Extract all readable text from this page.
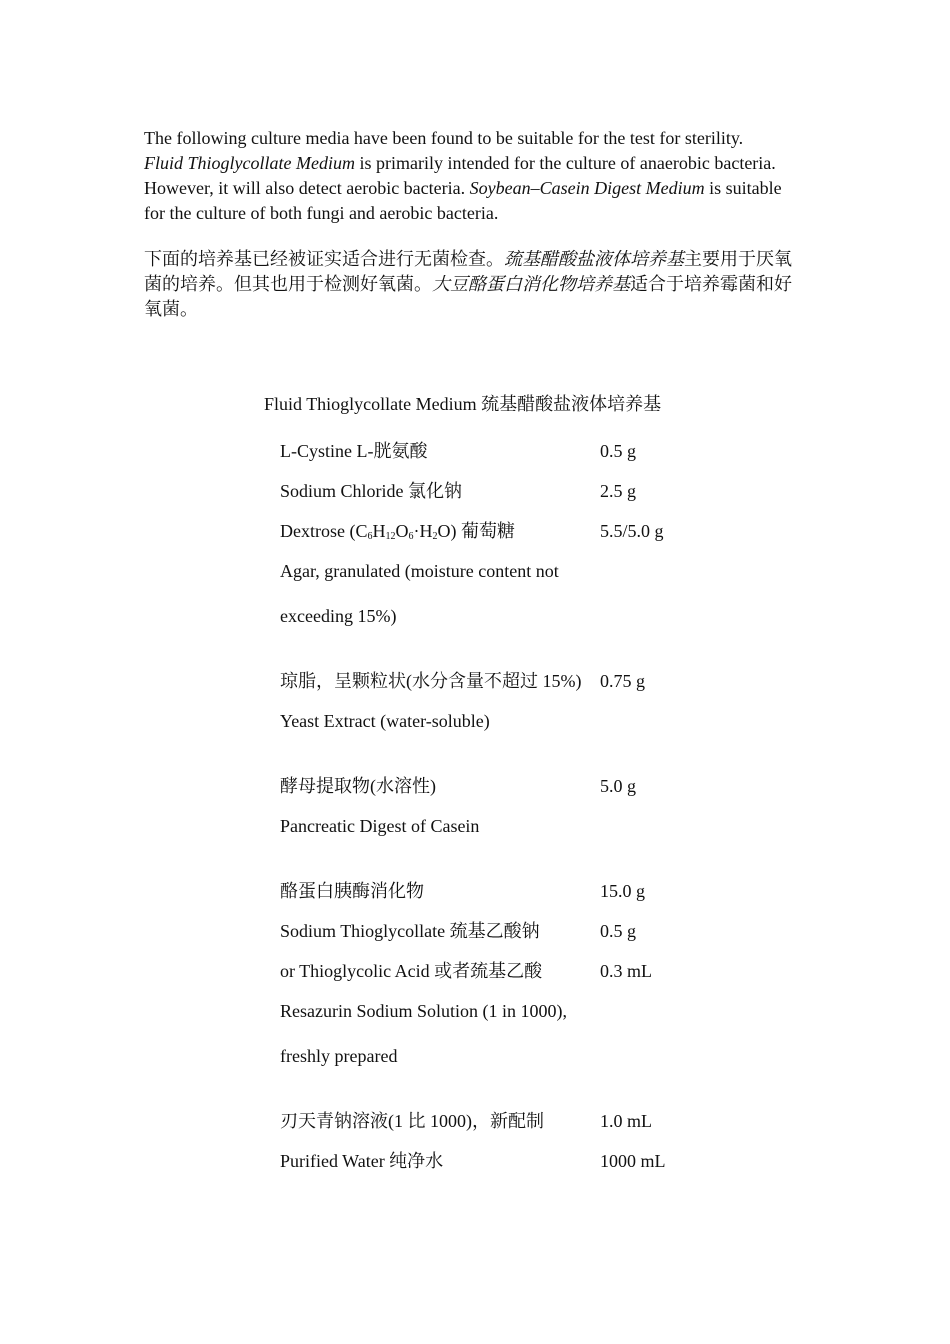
The following culture media have been found to be suitable for the test for sterility.
Fluid Thioglycollate Medium is primarily intended for the culture of anaerobic bacteria. However, it will also detect aerobic bacteria. Soybean–Casein Digest Medium is suitable for the culture of both fungi and aerobic bacteria.
下面的培养基已经被证实适合进行无菌检查。巯基醋酸盐液体培养基主要用于厌氧菌的培养。但其也用于检测好氧菌。大豆酪蛋白消化物培养基适合于培养霉菌和好氧菌。
Fluid Thioglycollate Medium 巯基醋酸盐液体培养基
L-Cystine L-胱氨酸	0.5 g
Sodium Chloride 氯化钠	2.5 g
Dextrose $(C_6H_{12}O_6\cdot H_2O)$ 葡萄糖	5.5/5.0 g
Agar, granulated (moisture content not
exceeding 15%)
琼脂，呈颗粒状(水分含量不超过 15%) 0.75 g
Yeast Extract (water-soluble)
酵母提取物(水溶性)	5.0 g
Pancreatic Digest of Casein
酪蛋白胰酶消化物	15.0 g
Sodium Thioglycollate 巯基乙酸钠	0.5 g
or Thioglycolic Acid 或者巯基乙酸	0.3 mL
Resazurin Sodium Solution (1 in 1000),
freshly prepared
刃天青钠溶液(1 比 1000)，新配制	1.0 mL
Purified Water 纯净水	1000 mL
